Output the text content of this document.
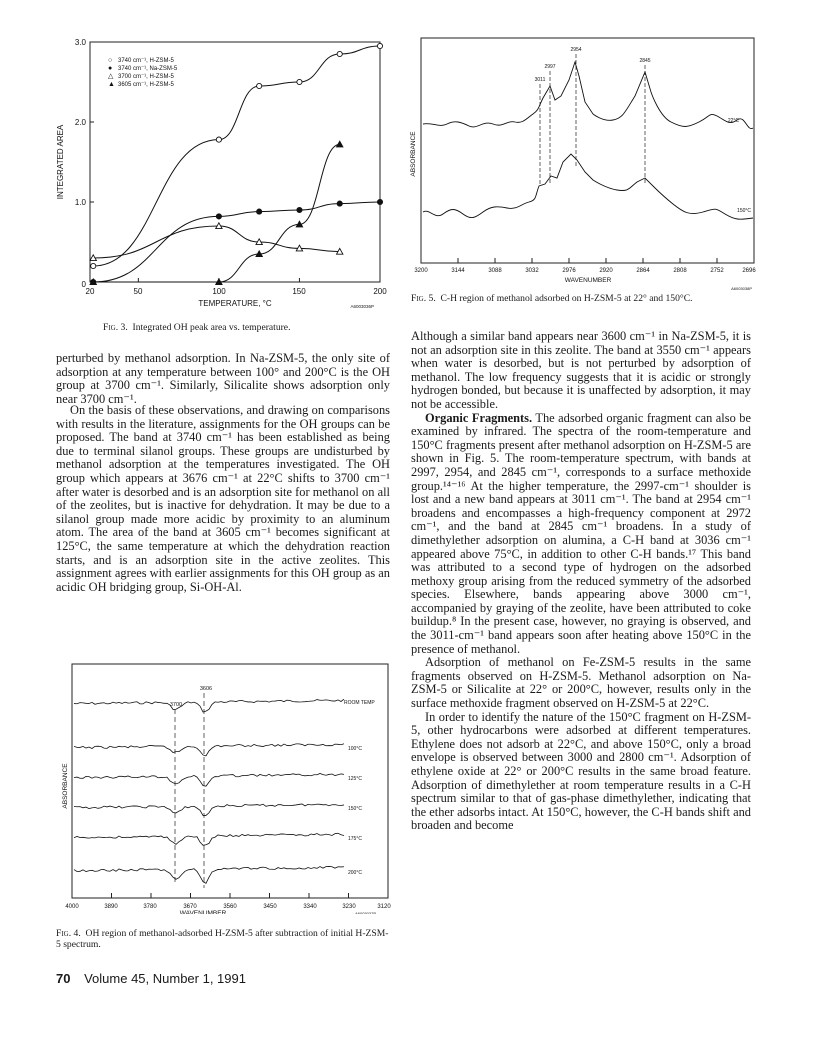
3.0
2.0
1.0
0
20	50	100	150	200
TEMPERATURE, °C	A6003036P
INTEGRATED AREA
○ 3740 cm⁻¹, H-ZSM-5
● 3740 cm⁻¹, Na-ZSM-5
△ 3700 cm⁻¹, H-ZSM-5
▲ 3605 cm⁻¹, H-ZSM-5

Fig. 3. Integrated OH peak area vs. temperature.

ABSORBANCE
3200	3144	3088	3032	2976	2920	2864	2808	2752	2696
WAVENUMBER
A6003038P
3011
2997
2954
2845
22°C
150°C

Fig. 5. C-H region of methanol adsorbed on H-ZSM-5 at 22° and 150°C.

perturbed by methanol adsorption. In Na-ZSM-5, the only site of adsorption at any temperature between 100° and 200°C is the OH group at 3700 cm⁻¹. Similarly, Silicalite shows adsorption only near 3700 cm⁻¹.

On the basis of these observations, and drawing on comparisons with results in the literature, assignments for the OH groups can be proposed. The band at 3740 cm⁻¹ has been established as being due to terminal silanol groups. These groups are undisturbed by methanol adsorption at the temperatures investigated. The OH group which appears at 3676 cm⁻¹ at 22°C shifts to 3700 cm⁻¹ after water is desorbed and is an adsorption site for methanol on all of the zeolites, but is inactive for dehydration. It may be due to a silanol group made more acidic by proximity to an aluminum atom. The area of the band at 3605 cm⁻¹ becomes significant at 125°C, the same temperature at which the dehydration reaction starts, and is an adsorption site in the active zeolites. This assignment agrees with earlier assignments for this OH group as an acidic OH bridging group, Si-OH-Al.

ABSORBANCE
4000	3890	3780	3670	3560	3450	3340	3230	3120
WAVENUMBER	A6003037P
3700
3606
ROOM TEMP
100°C
125°C
150°C
175°C
200°C

Fig. 4. OH region of methanol-adsorbed H-ZSM-5 after subtraction of initial H-ZSM-5 spectrum.

Although a similar band appears near 3600 cm⁻¹ in Na-ZSM-5, it is not an adsorption site in this zeolite. The band at 3550 cm⁻¹ appears when water is desorbed, but is not perturbed by adsorption of methanol. The low frequency suggests that it is acidic or strongly hydrogen bonded, but because it is unaffected by adsorption, it may not be accessible.

Organic Fragments. The adsorbed organic fragment can also be examined by infrared. The spectra of the room-temperature and 150°C fragments present after methanol adsorption on H-ZSM-5 are shown in Fig. 5. The room-temperature spectrum, with bands at 2997, 2954, and 2845 cm⁻¹, corresponds to a surface methoxide group.¹⁴⁻¹⁶ At the higher temperature, the 2997-cm⁻¹ shoulder is lost and a new band appears at 3011 cm⁻¹. The band at 2954 cm⁻¹ broadens and encompasses a high-frequency component at 2972 cm⁻¹, and the band at 2845 cm⁻¹ broadens. In a study of dimethylether adsorption on alumina, a C-H band at 3036 cm⁻¹ appeared above 75°C, in addition to other C-H bands.¹⁷ This band was attributed to a second type of hydrogen on the adsorbed methoxy group arising from the reduced symmetry of the adsorbed species. Elsewhere, bands appearing above 3000 cm⁻¹, accompanied by graying of the zeolite, have been attributed to coke buildup.⁸ In the present case, however, no graying is observed, and the 3011-cm⁻¹ band appears soon after heating above 150°C in the presence of methanol.

Adsorption of methanol on Fe-ZSM-5 results in the same fragments observed on H-ZSM-5. Methanol adsorption on Na-ZSM-5 or Silicalite at 22° or 200°C, however, results only in the surface methoxide fragment observed on H-ZSM-5 at 22°C.

In order to identify the nature of the 150°C fragment on H-ZSM-5, other hydrocarbons were adsorbed at different temperatures. Ethylene does not adsorb at 22°C, and above 150°C, only a broad envelope is observed between 3000 and 2800 cm⁻¹. Adsorption of ethylene oxide at 22° or 200°C results in the same broad feature. Adsorption of dimethylether at room temperature results in a C-H spectrum similar to that of gas-phase dimethylether, indicating that the ether adsorbs intact. At 150°C, however, the C-H bands shift and broaden and become

70 Volume 45, Number 1, 1991
